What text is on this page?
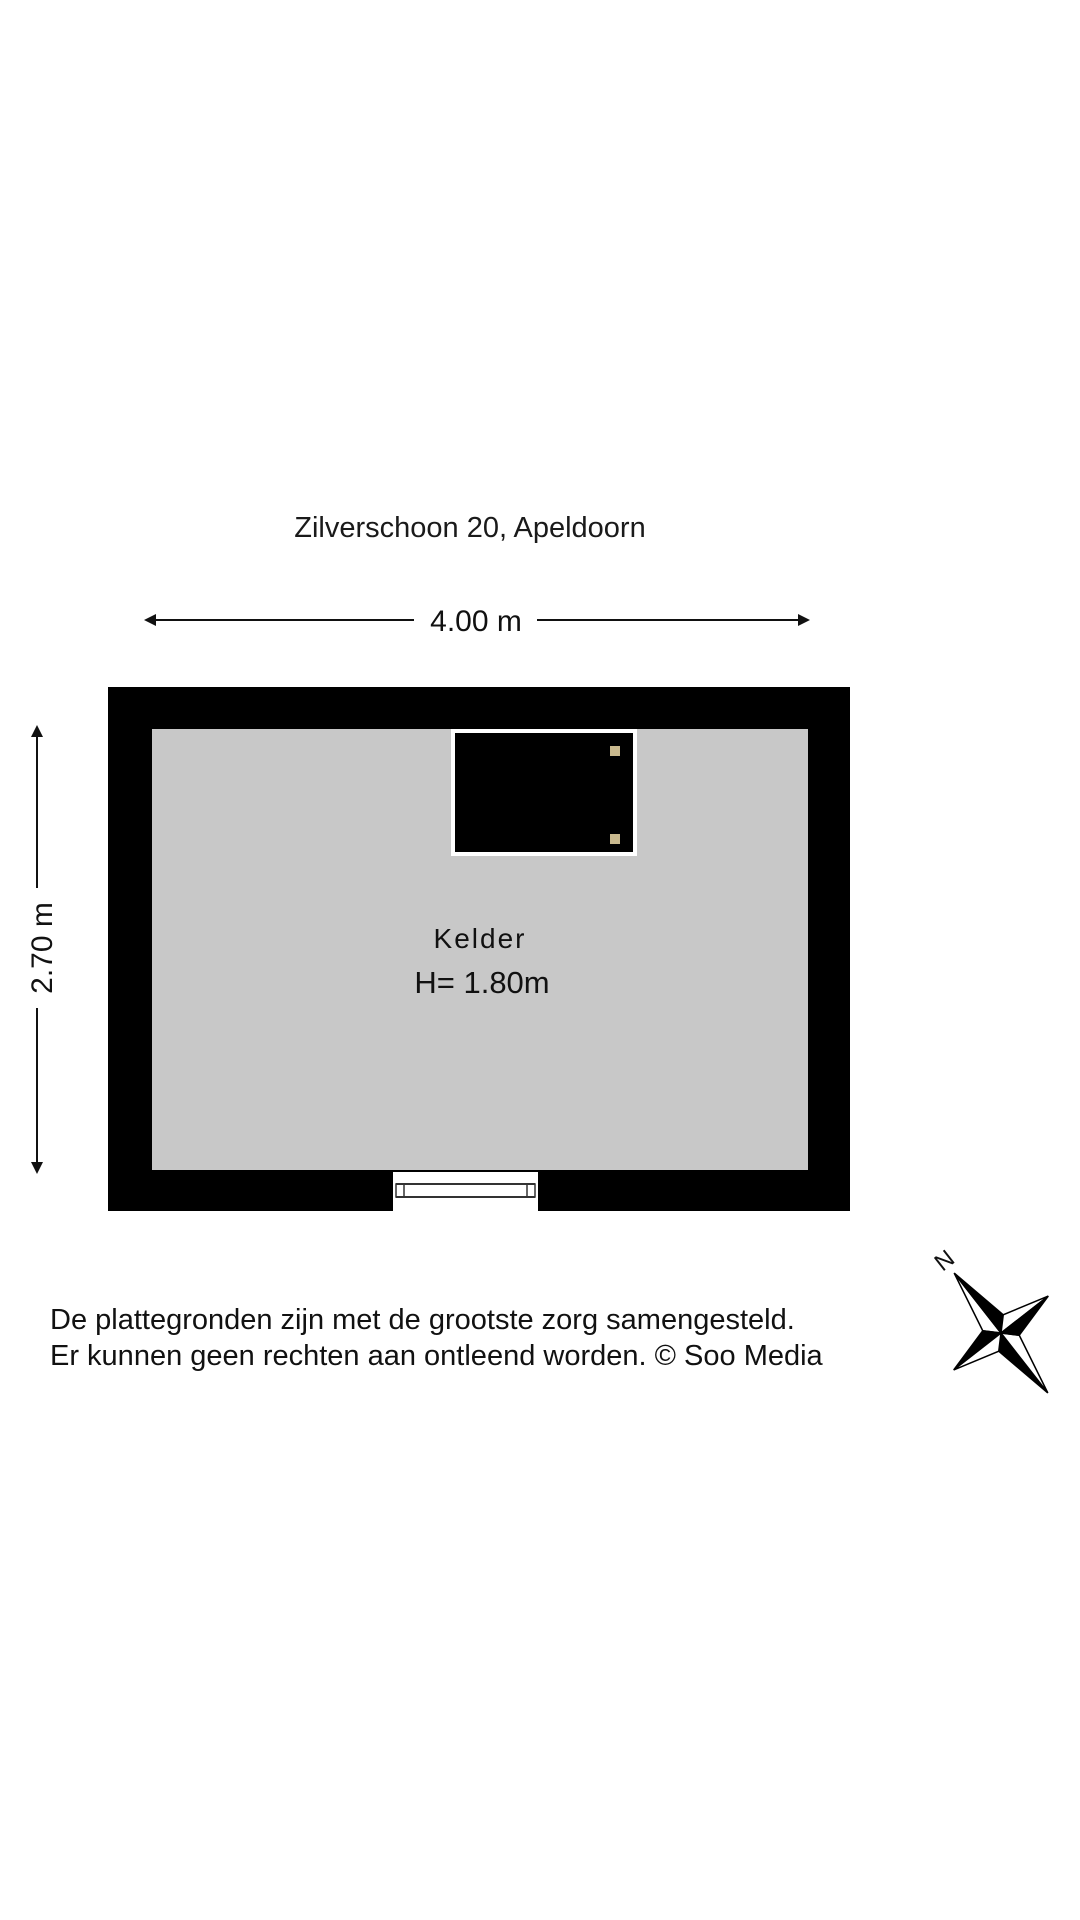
Zilverschoon 20, Apeldoorn
4.00 m
2.70 m	Kelder
H= 1.80m
N
De plattegronden zijn met de grootste zorg samengesteld.
Er kunnen geen rechten aan ontleend worden. © Soo Media
